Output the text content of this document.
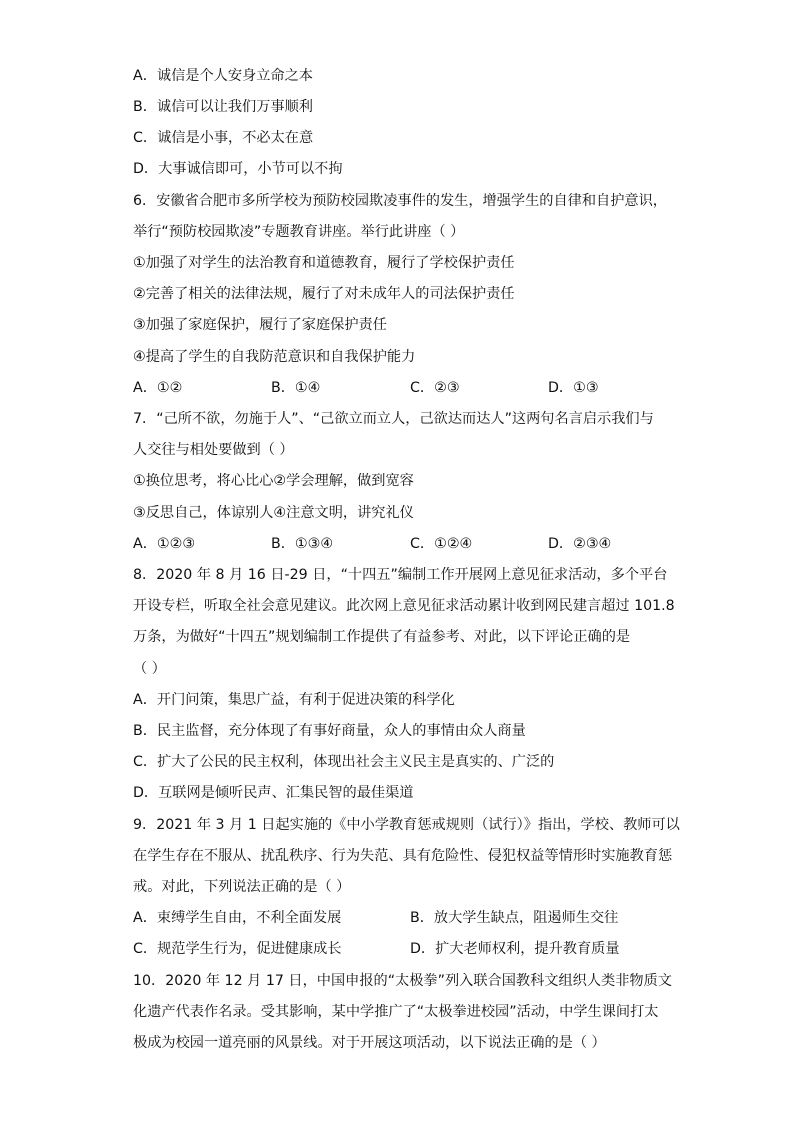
A．诚信是个人安身立命之本
B．诚信可以让我们万事顺利
C．诚信是小事，不必太在意
D．大事诚信即可，小节可以不拘
6．安徽省合肥市多所学校为预防校园欺凌事件的发生，增强学生的自律和自护意识，
举行“预防校园欺凌”专题教育讲座。举行此讲座（ ）
①加强了对学生的法治教育和道德教育，履行了学校保护责任
②完善了相关的法律法规，履行了对未成年人的司法保护责任
③加强了家庭保护，履行了家庭保护责任
④提高了学生的自我防范意识和自我保护能力
A．①②	B．①④	C．②③	D．①③
7．“己所不欲，勿施于人”、“己欲立而立人，己欲达而达人”这两句名言启示我们与
人交往与相处要做到（ ）
①换位思考，将心比心②学会理解，做到宽容
③反思自己，体谅别人④注意文明，讲究礼仪
A．①②③	B．①③④	C．①②④	D．②③④
8．2020 年 8 月 16 日-29 日，“十四五”编制工作开展网上意见征求活动，多个平台
开设专栏，听取全社会意见建议。此次网上意见征求活动累计收到网民建言超过 101.8
万条，为做好“十四五”规划编制工作提供了有益参考、对此，以下评论正确的是
（ ）
A．开门问策，集思广益，有利于促进决策的科学化
B．民主监督，充分体现了有事好商量，众人的事情由众人商量
C．扩大了公民的民主权利，体现出社会主义民主是真实的、广泛的
D．互联网是倾听民声、汇集民智的最佳渠道
9．2021 年 3 月 1 日起实施的《中小学教育惩戒规则（试行）》指出，学校、教师可以
在学生存在不服从、扰乱秩序、行为失范、具有危险性、侵犯权益等情形时实施教育惩
戒。对此，下列说法正确的是（ ）
A．束缚学生自由，不利全面发展	B．放大学生缺点，阻遏师生交往
C．规范学生行为，促进健康成长	D．扩大老师权利，提升教育质量
10．2020 年 12 月 17 日，中国申报的“太极拳”列入联合国教科文组织人类非物质文
化遗产代表作名录。受其影响，某中学推广了“太极拳进校园”活动，中学生课间打太
极成为校园一道亮丽的风景线。对于开展这项活动，以下说法正确的是（ ）
